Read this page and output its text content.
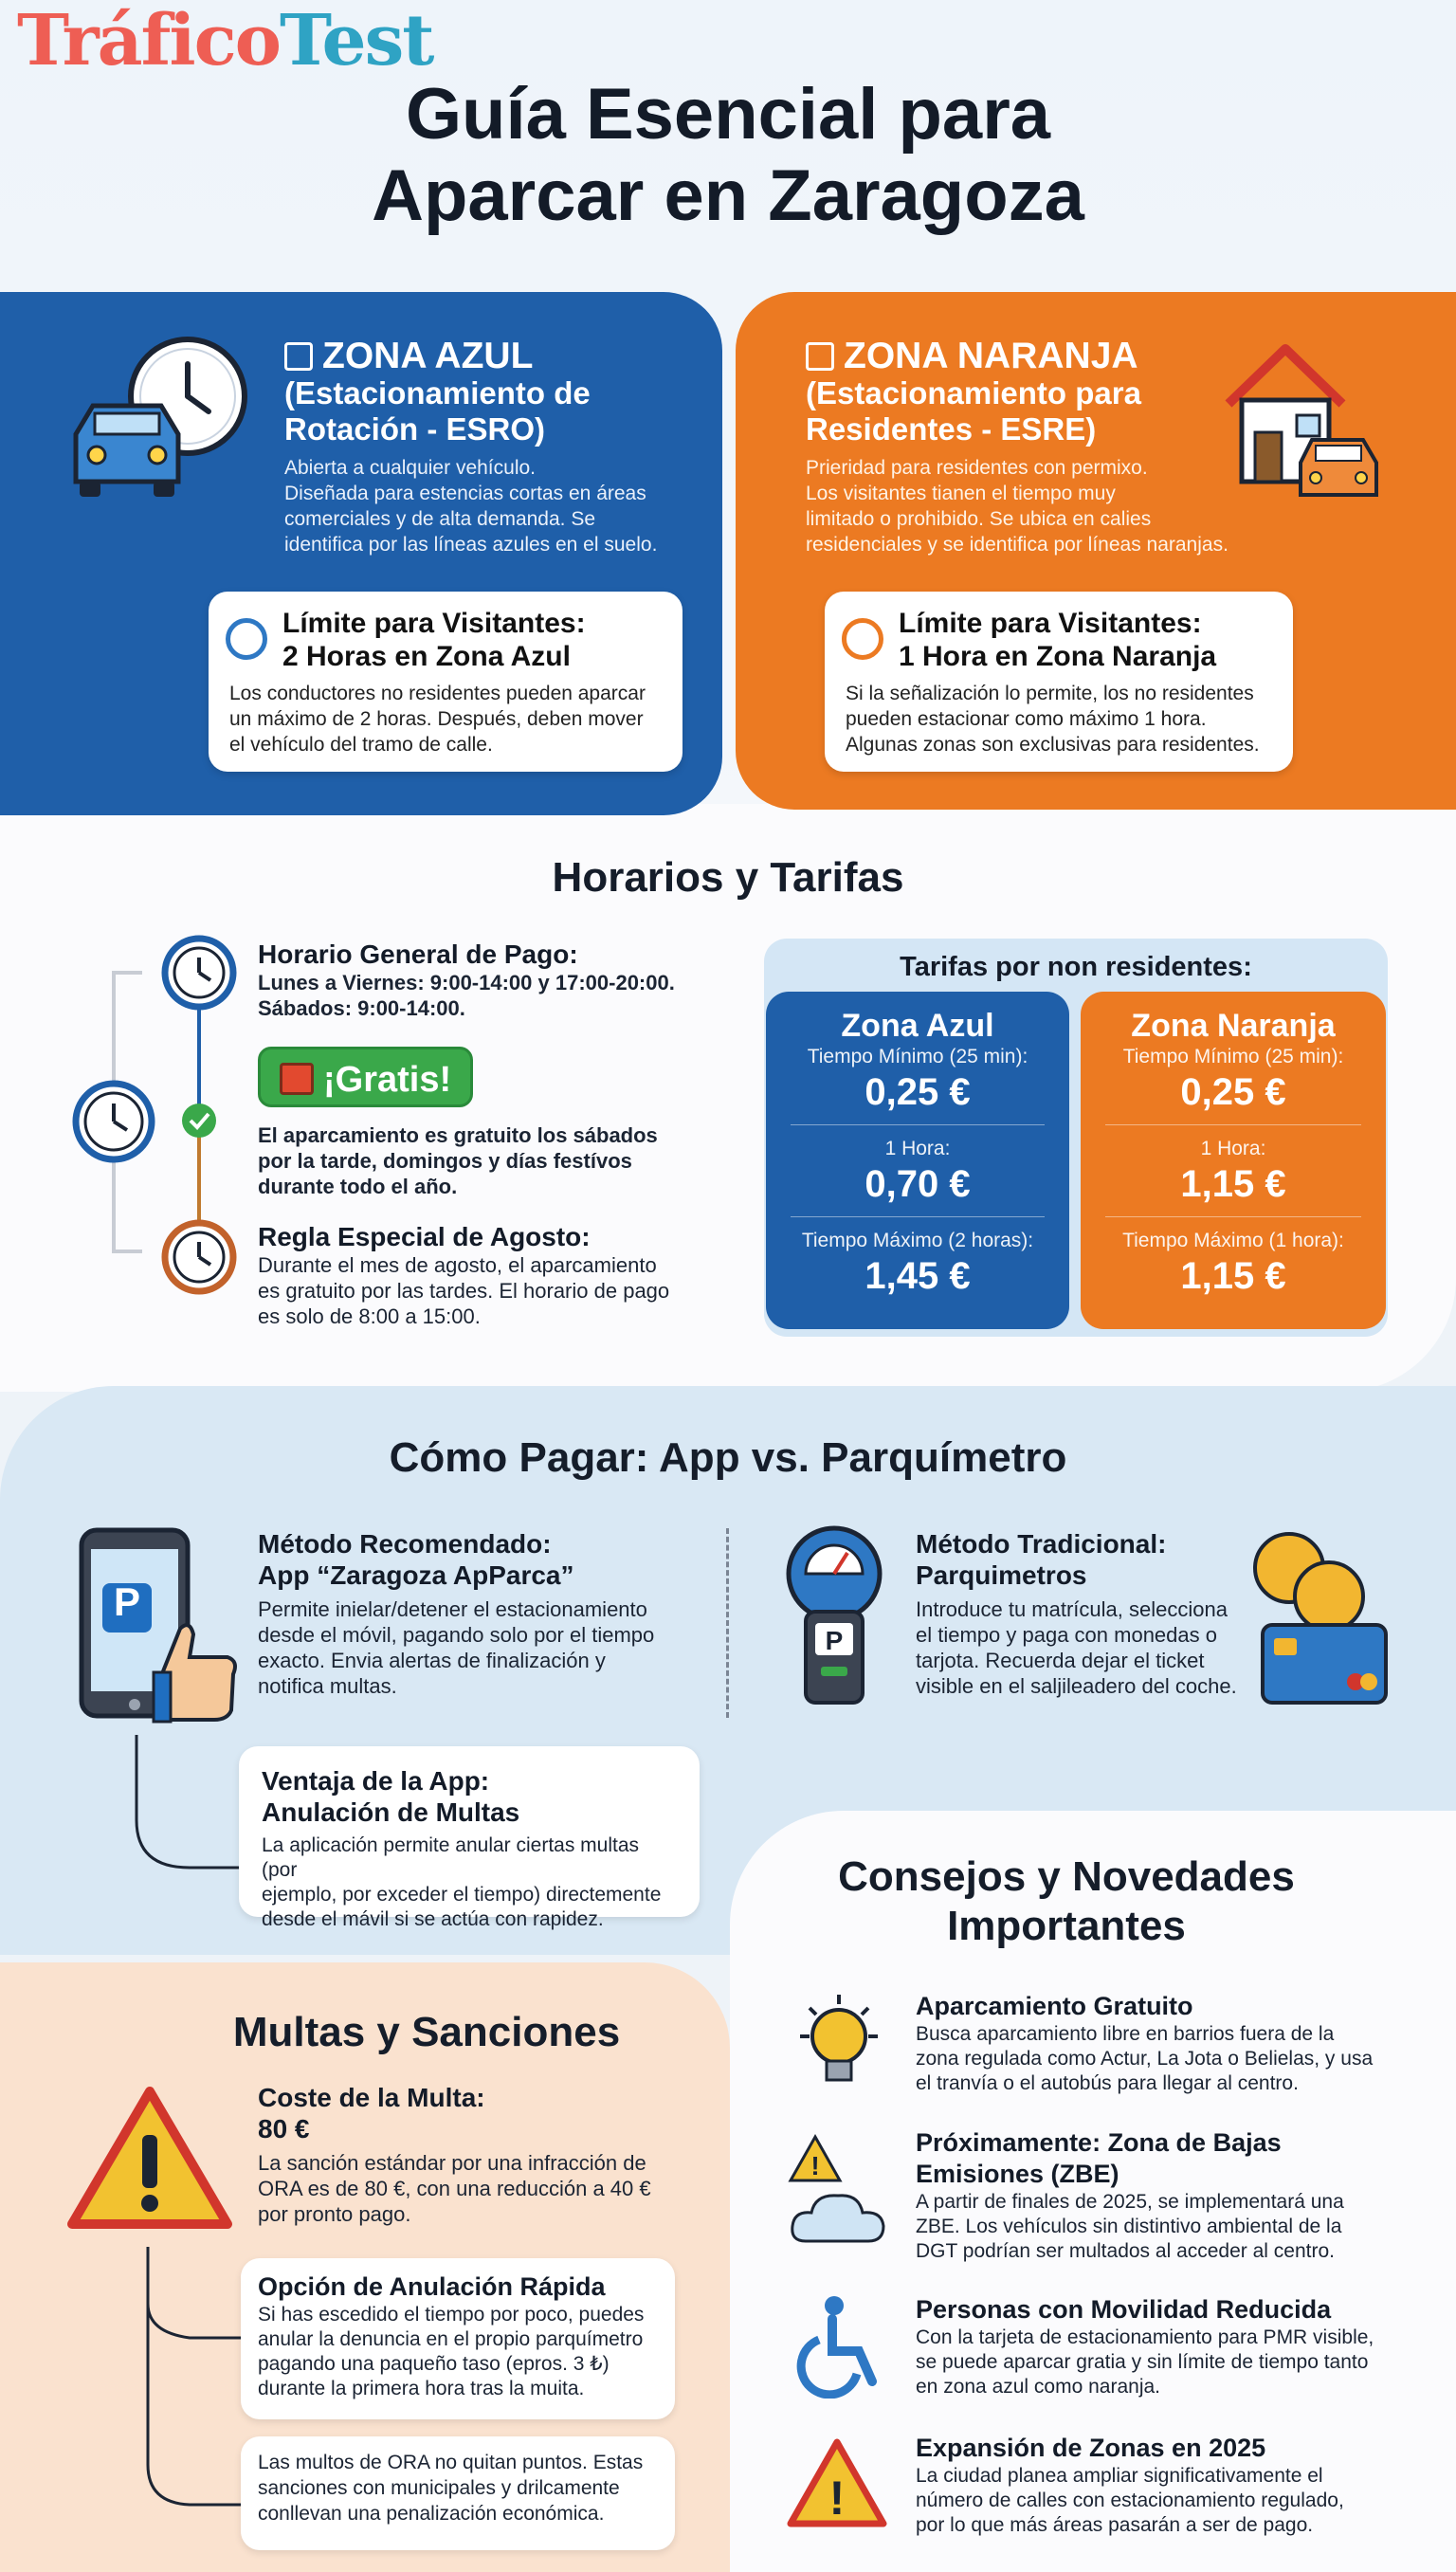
TráficoTest
Guía Esencial para
Aparcar en Zaragoza
ZONA AZUL
(Estacionamiento de
Rotación - ESRO)
Abierta a cualquier vehículo.
Diseñada para estencias cortas en áreas
comerciales y de alta demanda. Se
identifica por las líneas azules en el suelo.
Límite para Visitantes:
2 Horas en Zona Azul
Los conductores no residentes pueden aparcar
un máximo de 2 horas. Después, deben mover
el vehículo del tramo de calle.
ZONA NARANJA
(Estacionamiento para
Residentes - ESRE)
Prieridad para residentes con permixo.
Los visitantes tianen el tiempo muy
limitado o prohibido. Se ubica en calies
residenciales y se identifica por líneas naranjas.
Límite para Visitantes:
1 Hora en Zona Naranja
Si la señalización lo permite, los no residentes
pueden estacionar como máximo 1 hora.
Algunas zonas son exclusivas para residentes.
Horarios y Tarifas
Horario General de Pago:
Lunes a Viernes: 9:00-14:00 y 17:00-20:00.
Sábados: 9:00-14:00.
¡Gratis!
El aparcamiento es gratuito los sábados
por la tarde, domingos y días festívos
durante todo el año.
Regla Especial de Agosto:
Durante el mes de agosto, el aparcamiento
es gratuito por las tardes. El horario de pago
es solo de 8:00 a 15:00.
Tarifas por non residentes:
Zona Azul
Tiempo Mínimo (25 min):
0,25 €
1 Hora:
0,70 €
Tiempo Máximo (2 horas):
1,45 €
Zona Naranja
Tiempo Mínimo (25 min):
0,25 €
1 Hora:
1,15 €
Tiempo Máximo (1 hora):
1,15 €
Cómo Pagar: App vs. Parquímetro
P
Método Recomendado:
App “Zaragoza ApParca”
Permite inielar/detener el estacionamiento
desde el móvil, pagando solo por el tiempo
exacto. Envia alertas de finalización y
notifica multas.
P
Método Tradicional:
Parquimetros
Introduce tu matrícula, selecciona
el tiempo y paga con monedas o
tarjota. Recuerda dejar el ticket
visible en el saljileadero del coche.
Ventaja de la App:
Anulación de Multas
La aplicación permite anular ciertas multas (por
ejemplo, por exceder el tiempo) directemente
desde el mávil si se actúa con rapidez.
Consejos y Novedades
Importantes
Aparcamiento Gratuito
Busca aparcamiento libre en barrios fuera de la
zona regulada como Actur, La Jota o Belielas, y usa
el tranvía o el autobús para llegar al centro.
!
Próximamente: Zona de Bajas
Emisiones (ZBE)
A partir de finales de 2025, se implementará una
ZBE. Los vehículos sin distintivo ambiental de la
DGT podrían ser multados al acceder al centro.
Personas con Movilidad Reducida
Con la tarjeta de estacionamiento para PMR visible,
se puede aparcar gratia y sin límite de tiempo tanto
en zona azul como naranja.
!
Expansión de Zonas en 2025
La ciudad planea ampliar significativamente el
número de calles con estacionamiento regulado,
por lo que más áreas pasarán a ser de pago.
Multas y Sanciones
Coste de la Multa:
80 €
La sanción estándar por una infracción de
ORA es de 80 €, con una reducción a 40 €
por pronto pago.
Opción de Anulación Rápida
Si has escedido el tiempo por poco, puedes
anular la denuncia en el propio parquímetro
pagando una paqueño taso (epros. 3 ₺)
durante la primera hora tras la muita.
Las multos de ORA no quitan puntos. Estas
sanciones con municipales y drilcamente
conllevan una penalización económica.
